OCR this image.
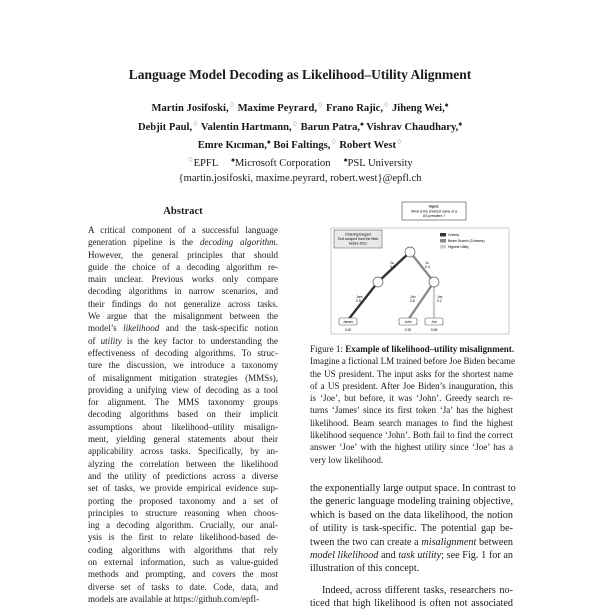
Language Model Decoding as Likelihood–Utility Alignment
Martin Josifoski,♢ Maxime Peyrard,♢ Frano Rajic,♢ Jiheng Wei,♠
Debjit Paul,♢ Valentin Hartmann,♢ Barun Patra,♠ Vishrav Chaudhary,♠
Emre Kıcıman,♠ Boi Faltings,♢ Robert West♢
♢EPFL ♠Microsoft Corporation ♠PSL University
{martin.josifoski, maxime.peyrard, robert.west}@epfl.ch
Abstract
A critical component of a successful language
generation pipeline is the decoding algorithm.
However, the general principles that should
guide the choice of a decoding algorithm re-
main unclear. Previous works only compare
decoding algorithms in narrow scenarios, and
their findings do not generalize across tasks.
We argue that the misalignment between the
model’s likelihood and the task-specific notion
of utility is the key factor to understanding the
effectiveness of decoding algorithms. To struc-
ture the discussion, we introduce a taxonomy
of misalignment mitigation strategies (MMSs),
providing a unifying view of decoding as a tool
for alignment. The MMS taxonomy groups
decoding algorithms based on their implicit
assumptions about likelihood–utility misalign-
ment, yielding general statements about their
applicability across tasks. Specifically, by an-
alyzing the correlation between the likelihood
and the utility of predictions across a diverse
set of tasks, we provide empirical evidence sup-
porting the proposed taxonomy and a set of
principles to structure reasoning when choos-
ing a decoding algorithm. Crucially, our anal-
ysis is the first to relate likelihood-based de-
coding algorithms with algorithms that rely
on external information, such as value-guided
methods and prompting, and covers the most
diverse set of tasks to date. Code, data, and
models are available at https://github.com/epfl-
Input:
What is the shortest name of a
US president ?
Ordering Elegant
Text scraped from the Web
before 2021
Greedy
Beam Search (3 beams)
Highest Utility
Ja
0.6
Jo
0.4
Jam
0.5
Joh
0.8
Joe
0.2
James
0.30
John
0.32
Joe
0.08
Figure 1: Example of likelihood–utility misalignment.
Imagine a fictional LM trained before Joe Biden became
the US president. The input asks for the shortest name
of a US president. After Joe Biden’s inauguration, this
is ‘Joe’, but before, it was ‘John’. Greedy search re-
turns ‘James’ since its first token ‘Ja’ has the highest
likelihood. Beam search manages to find the highest
likelihood sequence ‘John’. Both fail to find the correct
answer ‘Joe’ with the highest utility since ‘Joe’ has a
very low likelihood.
the exponentially large output space. In contrast to
the generic language modeling training objective,
which is based on the data likelihood, the notion
of utility is task-specific. The potential gap be-
tween the two can create a misalignment between
model likelihood and task utility; see Fig. 1 for an
illustration of this concept.
Indeed, across different tasks, researchers no-
ticed that high likelihood is often not associated
